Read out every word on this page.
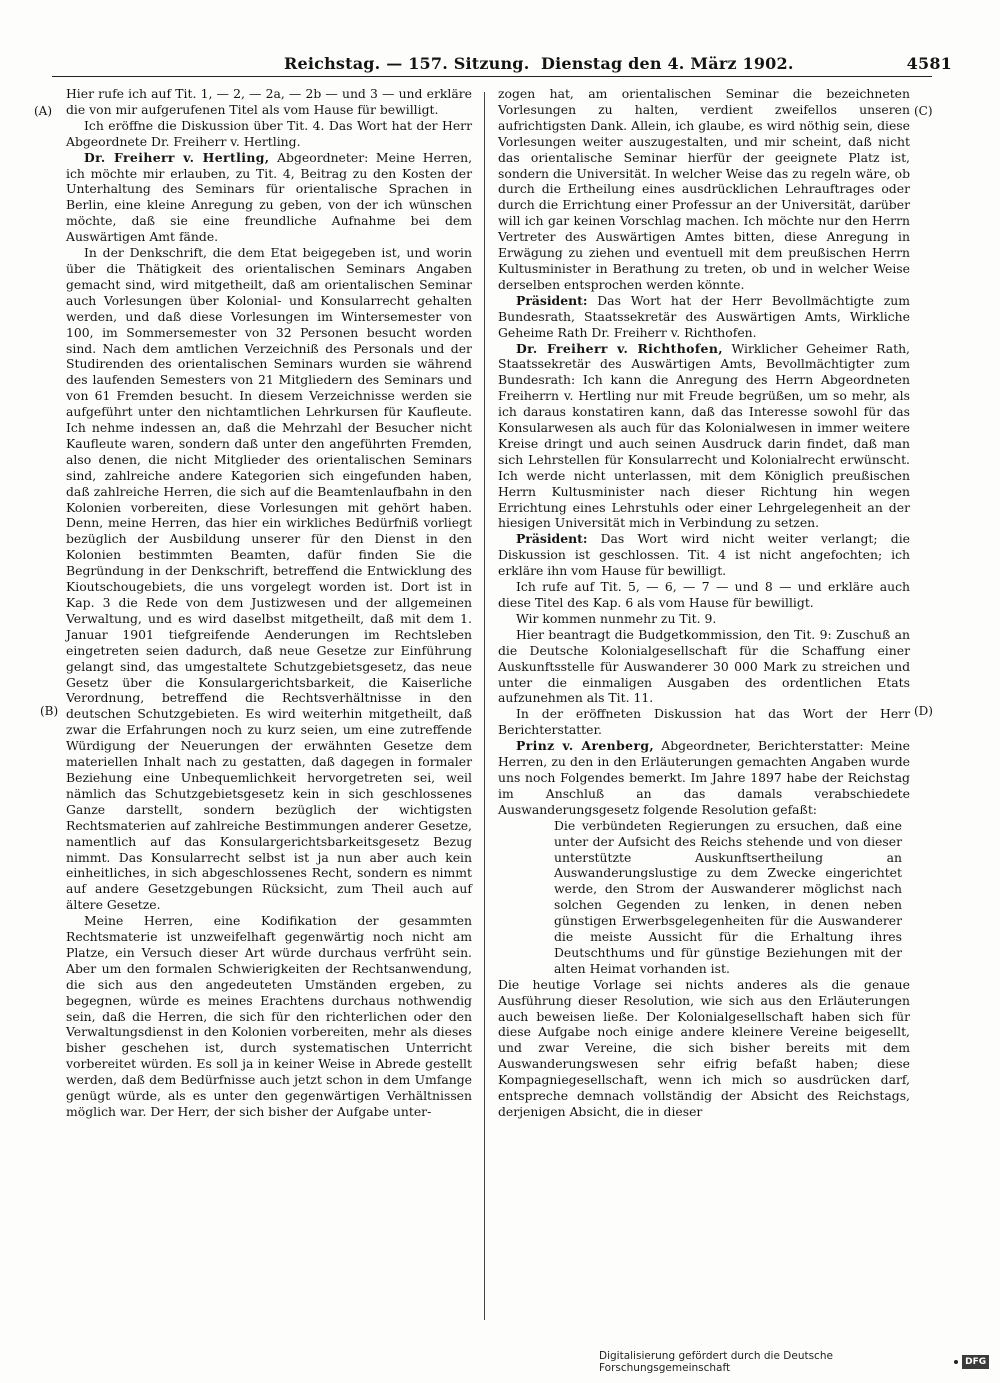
Reichstag. — 157. Sitzung. Dienstag den 4. März 1902.	4581
(A)
(B)
(C)
(D)

Hier rufe ich auf Tit. 1, — 2, — 2a, — 2b — und 3 — und erkläre die von mir aufgerufenen Titel als vom Hause für bewilligt.

Ich eröffne die Diskussion über Tit. 4. Das Wort hat der Herr Abgeordnete Dr. Freiherr v. Hertling.

Dr. Freiherr v. Hertling, Abgeordneter: Meine Herren, ich möchte mir erlauben, zu Tit. 4, Beitrag zu den Kosten der Unterhaltung des Seminars für orientalische Sprachen in Berlin, eine kleine Anregung zu geben, von der ich wünschen möchte, daß sie eine freundliche Aufnahme bei dem Auswärtigen Amt fände.

In der Denkschrift, die dem Etat beigegeben ist, und worin über die Thätigkeit des orientalischen Seminars Angaben gemacht sind, wird mitgetheilt, daß am orientalischen Seminar auch Vorlesungen über Kolonial- und Konsularrecht gehalten werden, und daß diese Vorlesungen im Wintersemester von 100, im Sommersemester von 32 Personen besucht worden sind. Nach dem amtlichen Verzeichniß des Personals und der Studirenden des orientalischen Seminars wurden sie während des laufenden Semesters von 21 Mitgliedern des Seminars und von 61 Fremden besucht. In diesem Verzeichnisse werden sie aufgeführt unter den nichtamtlichen Lehrkursen für Kaufleute. Ich nehme indessen an, daß die Mehrzahl der Besucher nicht Kaufleute waren, sondern daß unter den angeführten Fremden, also denen, die nicht Mitglieder des orientalischen Seminars sind, zahlreiche andere Kategorien sich eingefunden haben, daß zahlreiche Herren, die sich auf die Beamtenlaufbahn in den Kolonien vorbereiten, diese Vorlesungen mit gehört haben. Denn, meine Herren, das hier ein wirkliches Bedürfniß vorliegt bezüglich der Ausbildung unserer für den Dienst in den Kolonien bestimmten Beamten, dafür finden Sie die Begründung in der Denkschrift, betreffend die Entwicklung des Kioutschougebiets, die uns vorgelegt worden ist. Dort ist in Kap. 3 die Rede von dem Justizwesen und der allgemeinen Verwaltung, und es wird daselbst mitgetheilt, daß mit dem 1. Januar 1901 tiefgreifende Aenderungen im Rechtsleben eingetreten seien dadurch, daß neue Gesetze zur Einführung gelangt sind, das umgestaltete Schutzgebietsgesetz, das neue Gesetz über die Konsulargerichtsbarkeit, die Kaiserliche Verordnung, betreffend die Rechtsverhältnisse in den deutschen Schutzgebieten. Es wird weiterhin mitgetheilt, daß zwar die Erfahrungen noch zu kurz seien, um eine zutreffende Würdigung der Neuerungen der erwähnten Gesetze dem materiellen Inhalt nach zu gestatten, daß dagegen in formaler Beziehung eine Unbequemlichkeit hervorgetreten sei, weil nämlich das Schutzgebietsgesetz kein in sich geschlossenes Ganze darstellt, sondern bezüglich der wichtigsten Rechtsmaterien auf zahlreiche Bestimmungen anderer Gesetze, namentlich auf das Konsulargerichtsbarkeitsgesetz Bezug nimmt. Das Konsularrecht selbst ist ja nun aber auch kein einheitliches, in sich abgeschlossenes Recht, sondern es nimmt auf andere Gesetzgebungen Rücksicht, zum Theil auch auf ältere Gesetze.

Meine Herren, eine Kodifikation der gesammten Rechtsmaterie ist unzweifelhaft gegenwärtig noch nicht am Platze, ein Versuch dieser Art würde durchaus verfrüht sein. Aber um den formalen Schwierigkeiten der Rechtsanwendung, die sich aus den angedeuteten Umständen ergeben, zu begegnen, würde es meines Erachtens durchaus nothwendig sein, daß die Herren, die sich für den richterlichen oder den Verwaltungsdienst in den Kolonien vorbereiten, mehr als dieses bisher geschehen ist, durch systematischen Unterricht vorbereitet würden. Es soll ja in keiner Weise in Abrede gestellt werden, daß dem Bedürfnisse auch jetzt schon in dem Umfange genügt würde, als es unter den gegenwärtigen Verhältnissen möglich war. Der Herr, der sich bisher der Aufgabe unter-

zogen hat, am orientalischen Seminar die bezeichneten Vorlesungen zu halten, verdient zweifellos unseren aufrichtigsten Dank. Allein, ich glaube, es wird nöthig sein, diese Vorlesungen weiter auszugestalten, und mir scheint, daß nicht das orientalische Seminar hierfür der geeignete Platz ist, sondern die Universität. In welcher Weise das zu regeln wäre, ob durch die Ertheilung eines ausdrücklichen Lehrauftrages oder durch die Errichtung einer Professur an der Universität, darüber will ich gar keinen Vorschlag machen. Ich möchte nur den Herrn Vertreter des Auswärtigen Amtes bitten, diese Anregung in Erwägung zu ziehen und eventuell mit dem preußischen Herrn Kultusminister in Berathung zu treten, ob und in welcher Weise derselben entsprochen werden könnte.

Präsident: Das Wort hat der Herr Bevollmächtigte zum Bundesrath, Staatssekretär des Auswärtigen Amts, Wirkliche Geheime Rath Dr. Freiherr v. Richthofen.

Dr. Freiherr v. Richthofen, Wirklicher Geheimer Rath, Staatssekretär des Auswärtigen Amts, Bevollmächtigter zum Bundesrath: Ich kann die Anregung des Herrn Abgeordneten Freiherrn v. Hertling nur mit Freude begrüßen, um so mehr, als ich daraus konstatiren kann, daß das Interesse sowohl für das Konsularwesen als auch für das Kolonialwesen in immer weitere Kreise dringt und auch seinen Ausdruck darin findet, daß man sich Lehrstellen für Konsularrecht und Kolonialrecht erwünscht. Ich werde nicht unterlassen, mit dem Königlich preußischen Herrn Kultusminister nach dieser Richtung hin wegen Errichtung eines Lehrstuhls oder einer Lehrgelegenheit an der hiesigen Universität mich in Verbindung zu setzen.

Präsident: Das Wort wird nicht weiter verlangt; die Diskussion ist geschlossen. Tit. 4 ist nicht angefochten; ich erkläre ihn vom Hause für bewilligt.

Ich rufe auf Tit. 5, — 6, — 7 — und 8 — und erkläre auch diese Titel des Kap. 6 als vom Hause für bewilligt.

Wir kommen nunmehr zu Tit. 9.

Hier beantragt die Budgetkommission, den Tit. 9: Zuschuß an die Deutsche Kolonialgesellschaft für die Schaffung einer Auskunftsstelle für Auswanderer 30 000 Mark zu streichen und unter die einmaligen Ausgaben des ordentlichen Etats aufzunehmen als Tit. 11.

In der eröffneten Diskussion hat das Wort der Herr Berichterstatter.

Prinz v. Arenberg, Abgeordneter, Berichterstatter: Meine Herren, zu den in den Erläuterungen gemachten Angaben wurde uns noch Folgendes bemerkt. Im Jahre 1897 habe der Reichstag im Anschluß an das damals verabschiedete Auswanderungsgesetz folgende Resolution gefaßt:

Die verbündeten Regierungen zu ersuchen, daß eine unter der Aufsicht des Reichs stehende und von dieser unterstützte Auskunftsertheilung an Auswanderungslustige zu dem Zwecke eingerichtet werde, den Strom der Auswanderer möglichst nach solchen Gegenden zu lenken, in denen neben günstigen Erwerbsgelegenheiten für die Auswanderer die meiste Aussicht für die Erhaltung ihres Deutschthums und für günstige Beziehungen mit der alten Heimat vorhanden ist.

Die heutige Vorlage sei nichts anderes als die genaue Ausführung dieser Resolution, wie sich aus den Erläuterungen auch beweisen ließe. Der Kolonialgesellschaft haben sich für diese Aufgabe noch einige andere kleinere Vereine beigesellt, und zwar Vereine, die sich bisher bereits mit dem Auswanderungswesen sehr eifrig befaßt haben; diese Kompagniegesellschaft, wenn ich mich so ausdrücken darf, entspreche demnach vollständig der Absicht des Reichstags, derjenigen Absicht, die in dieser

Digitalisierung gefördert durch die Deutsche Forschungsgemeinschaft	DFG
